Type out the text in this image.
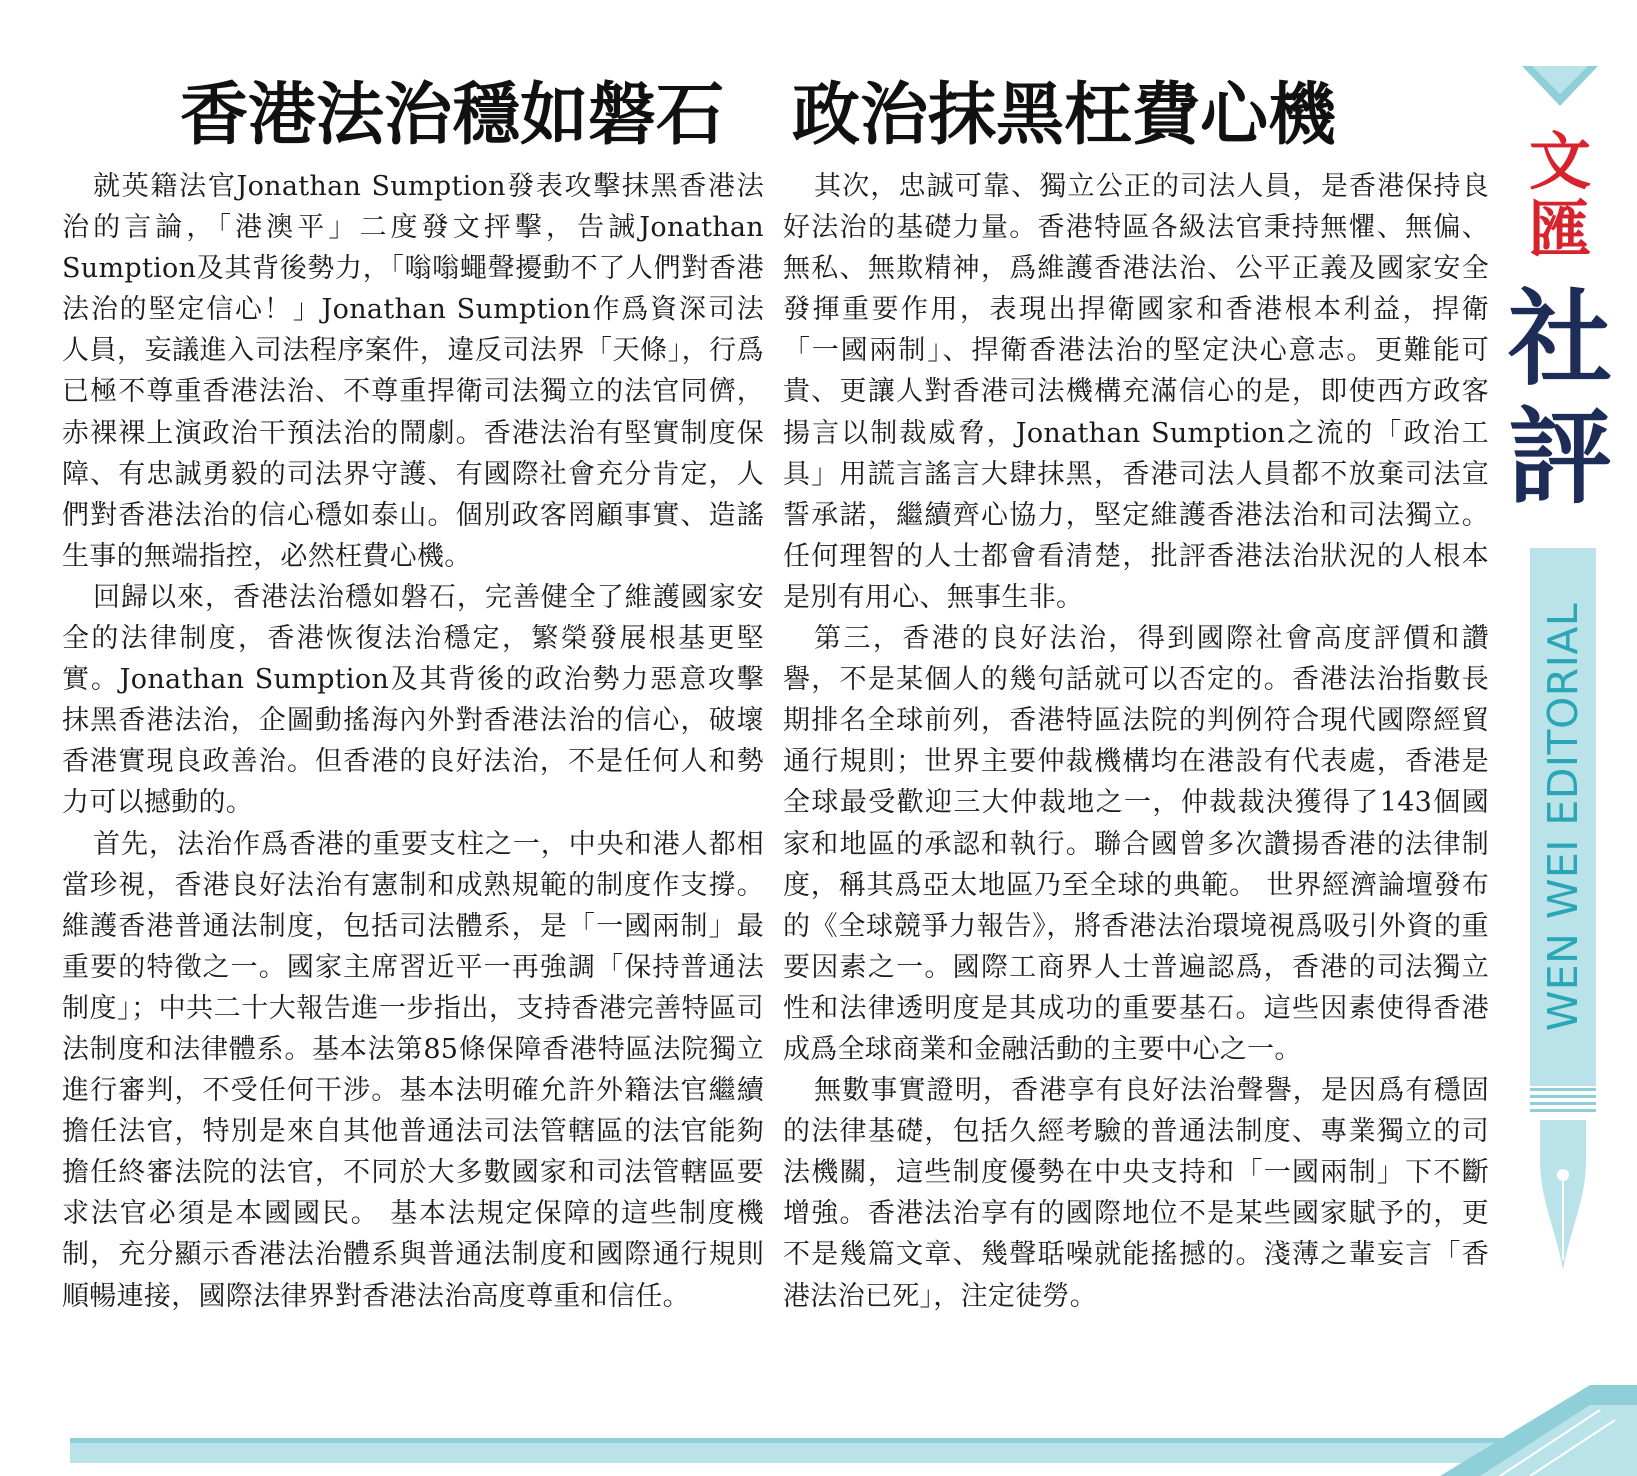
香港法治穩如磐石 政治抹黑枉費心機

就英籍法官Jonathan Sumption發表攻擊抹黑香港法治的言論，「港澳平」二度發文抨擊，告誡Jonathan Sumption及其背後勢力，「嗡嗡蠅聲擾動不了人們對香港法治的堅定信心！」Jonathan Sumption作爲資深司法人員，妄議進入司法程序案件，違反司法界「天條」，行爲已極不尊重香港法治、不尊重捍衛司法獨立的法官同儕，赤裸裸上演政治干預法治的鬧劇。香港法治有堅實制度保障、有忠誠勇毅的司法界守護、有國際社會充分肯定，人們對香港法治的信心穩如泰山。個別政客罔顧事實、造謠生事的無端指控，必然枉費心機。

回歸以來，香港法治穩如磐石，完善健全了維護國家安全的法律制度，香港恢復法治穩定，繁榮發展根基更堅實。Jonathan Sumption及其背後的政治勢力惡意攻擊抹黑香港法治，企圖動搖海內外對香港法治的信心，破壞香港實現良政善治。但香港的良好法治，不是任何人和勢力可以撼動的。

首先，法治作爲香港的重要支柱之一，中央和港人都相當珍視，香港良好法治有憲制和成熟規範的制度作支撐。維護香港普通法制度，包括司法體系，是「一國兩制」最重要的特徵之一。國家主席習近平一再強調「保持普通法制度」；中共二十大報告進一步指出，支持香港完善特區司法制度和法律體系。基本法第85條保障香港特區法院獨立進行審判，不受任何干涉。基本法明確允許外籍法官繼續擔任法官，特別是來自其他普通法司法管轄區的法官能夠擔任終審法院的法官，不同於大多數國家和司法管轄區要求法官必須是本國國民。 基本法規定保障的這些制度機制，充分顯示香港法治體系與普通法制度和國際通行規則順暢連接，國際法律界對香港法治高度尊重和信任。

其次，忠誠可靠、獨立公正的司法人員，是香港保持良好法治的基礎力量。香港特區各級法官秉持無懼、無偏、無私、無欺精神，爲維護香港法治、公平正義及國家安全發揮重要作用，表現出捍衛國家和香港根本利益，捍衛「一國兩制」、捍衛香港法治的堅定決心意志。更難能可貴、更讓人對香港司法機構充滿信心的是，即使西方政客揚言以制裁威脅，Jonathan Sumption之流的「政治工具」用謊言謠言大肆抹黑，香港司法人員都不放棄司法宣誓承諾，繼續齊心協力，堅定維護香港法治和司法獨立。任何理智的人士都會看清楚，批評香港法治狀況的人根本是別有用心、無事生非。

第三，香港的良好法治，得到國際社會高度評價和讚譽，不是某個人的幾句話就可以否定的。香港法治指數長期排名全球前列，香港特區法院的判例符合現代國際經貿通行規則；世界主要仲裁機構均在港設有代表處，香港是全球最受歡迎三大仲裁地之一，仲裁裁決獲得了143個國家和地區的承認和執行。聯合國曾多次讚揚香港的法律制度，稱其爲亞太地區乃至全球的典範。 世界經濟論壇發布的《全球競爭力報告》，將香港法治環境視爲吸引外資的重要因素之一。國際工商界人士普遍認爲，香港的司法獨立性和法律透明度是其成功的重要基石。這些因素使得香港成爲全球商業和金融活動的主要中心之一。

無數事實證明，香港享有良好法治聲譽，是因爲有穩固的法律基礎，包括久經考驗的普通法制度、專業獨立的司法機關，這些制度優勢在中央支持和「一國兩制」下不斷增強。香港法治享有的國際地位不是某些國家賦予的，更不是幾篇文章、幾聲聒噪就能搖撼的。淺薄之輩妄言「香港法治已死」，注定徒勞。

文匯
社評
WEN WEI EDITORIAL
